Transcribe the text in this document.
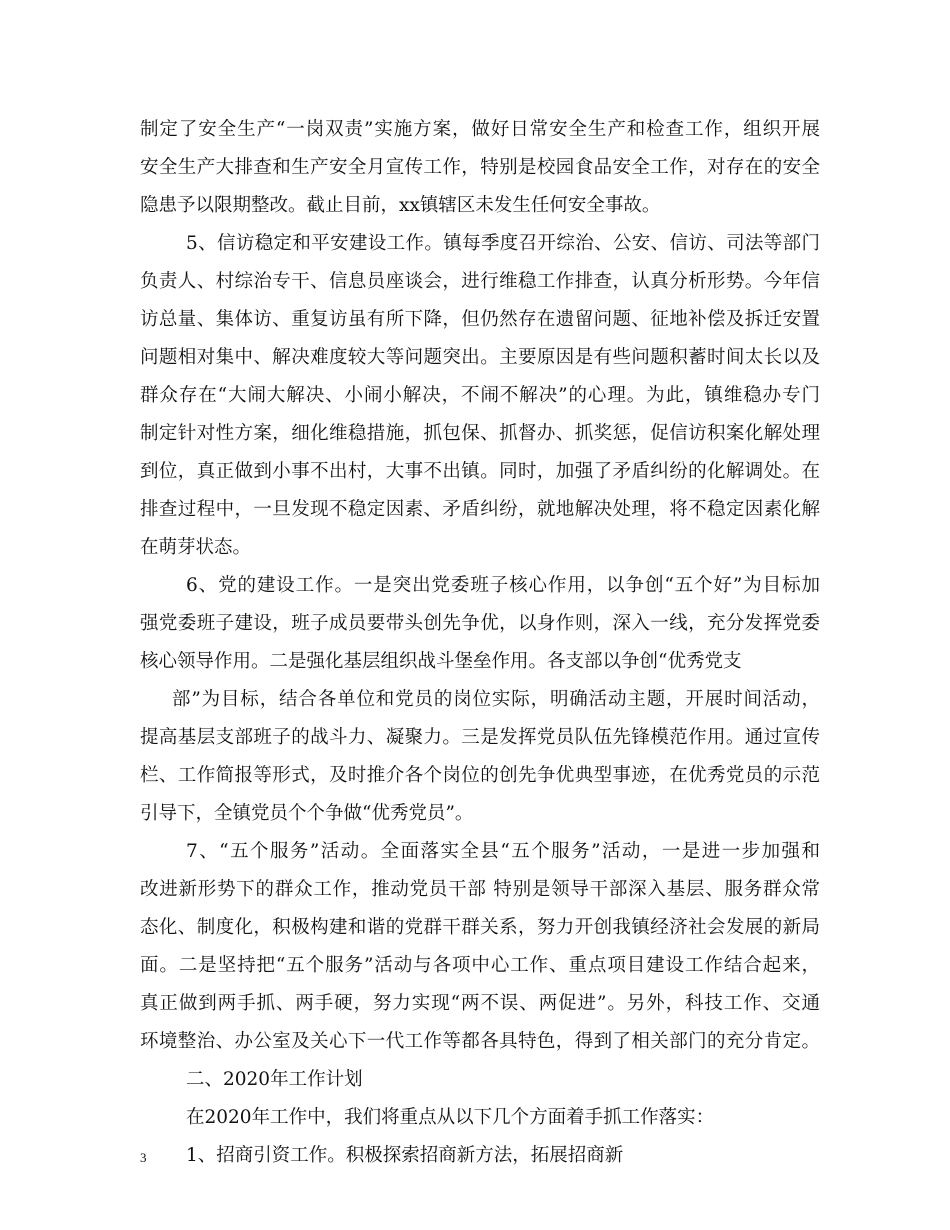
制定了安全生产“一岗双责”实施方案，做好日常安全生产和检查工作，组织开展
安全生产大排查和生产安全月宣传工作，特别是校园食品安全工作，对存在的安全
隐患予以限期整改。截止目前，xx镇辖区未发生任何安全事故。
5、信访稳定和平安建设工作。镇每季度召开综治、公安、信访、司法等部门
负责人、村综治专干、信息员座谈会，进行维稳工作排查，认真分析形势。今年信
访总量、集体访、重复访虽有所下降，但仍然存在遗留问题、征地补偿及拆迁安置
问题相对集中、解决难度较大等问题突出。主要原因是有些问题积蓄时间太长以及
群众存在“大闹大解决、小闹小解决，不闹不解决”的心理。为此，镇维稳办专门
制定针对性方案，细化维稳措施，抓包保、抓督办、抓奖惩，促信访积案化解处理
到位，真正做到小事不出村，大事不出镇。同时，加强了矛盾纠纷的化解调处。在
排查过程中，一旦发现不稳定因素、矛盾纠纷，就地解决处理，将不稳定因素化解
在萌芽状态。
6、党的建设工作。一是突出党委班子核心作用，以争创“五个好”为目标加
强党委班子建设，班子成员要带头创先争优，以身作则，深入一线，充分发挥党委
核心领导作用。二是强化基层组织战斗堡垒作用。各支部以争创“优秀党支
部”为目标，结合各单位和党员的岗位实际，明确活动主题，开展时间活动，
提高基层支部班子的战斗力、凝聚力。三是发挥党员队伍先锋模范作用。通过宣传
栏、工作简报等形式，及时推介各个岗位的创先争优典型事迹，在优秀党员的示范
引导下，全镇党员个个争做“优秀党员”。
7、“五个服务”活动。全面落实全县“五个服务”活动，一是进一步加强和
改进新形势下的群众工作，推动党员干部 特别是领导干部深入基层、服务群众常
态化、制度化，积极构建和谐的党群干群关系，努力开创我镇经济社会发展的新局
面。二是坚持把“五个服务”活动与各项中心工作、重点项目建设工作结合起来，
真正做到两手抓、两手硬，努力实现“两不误、两促进”。另外，科技工作、交通
环境整治、办公室及关心下一代工作等都各具特色，得到了相关部门的充分肯定。
二、2020年工作计划
在2020年工作中，我们将重点从以下几个方面着手抓工作落实：
1、招商引资工作。积极探索招商新方法，拓展招商新
3
